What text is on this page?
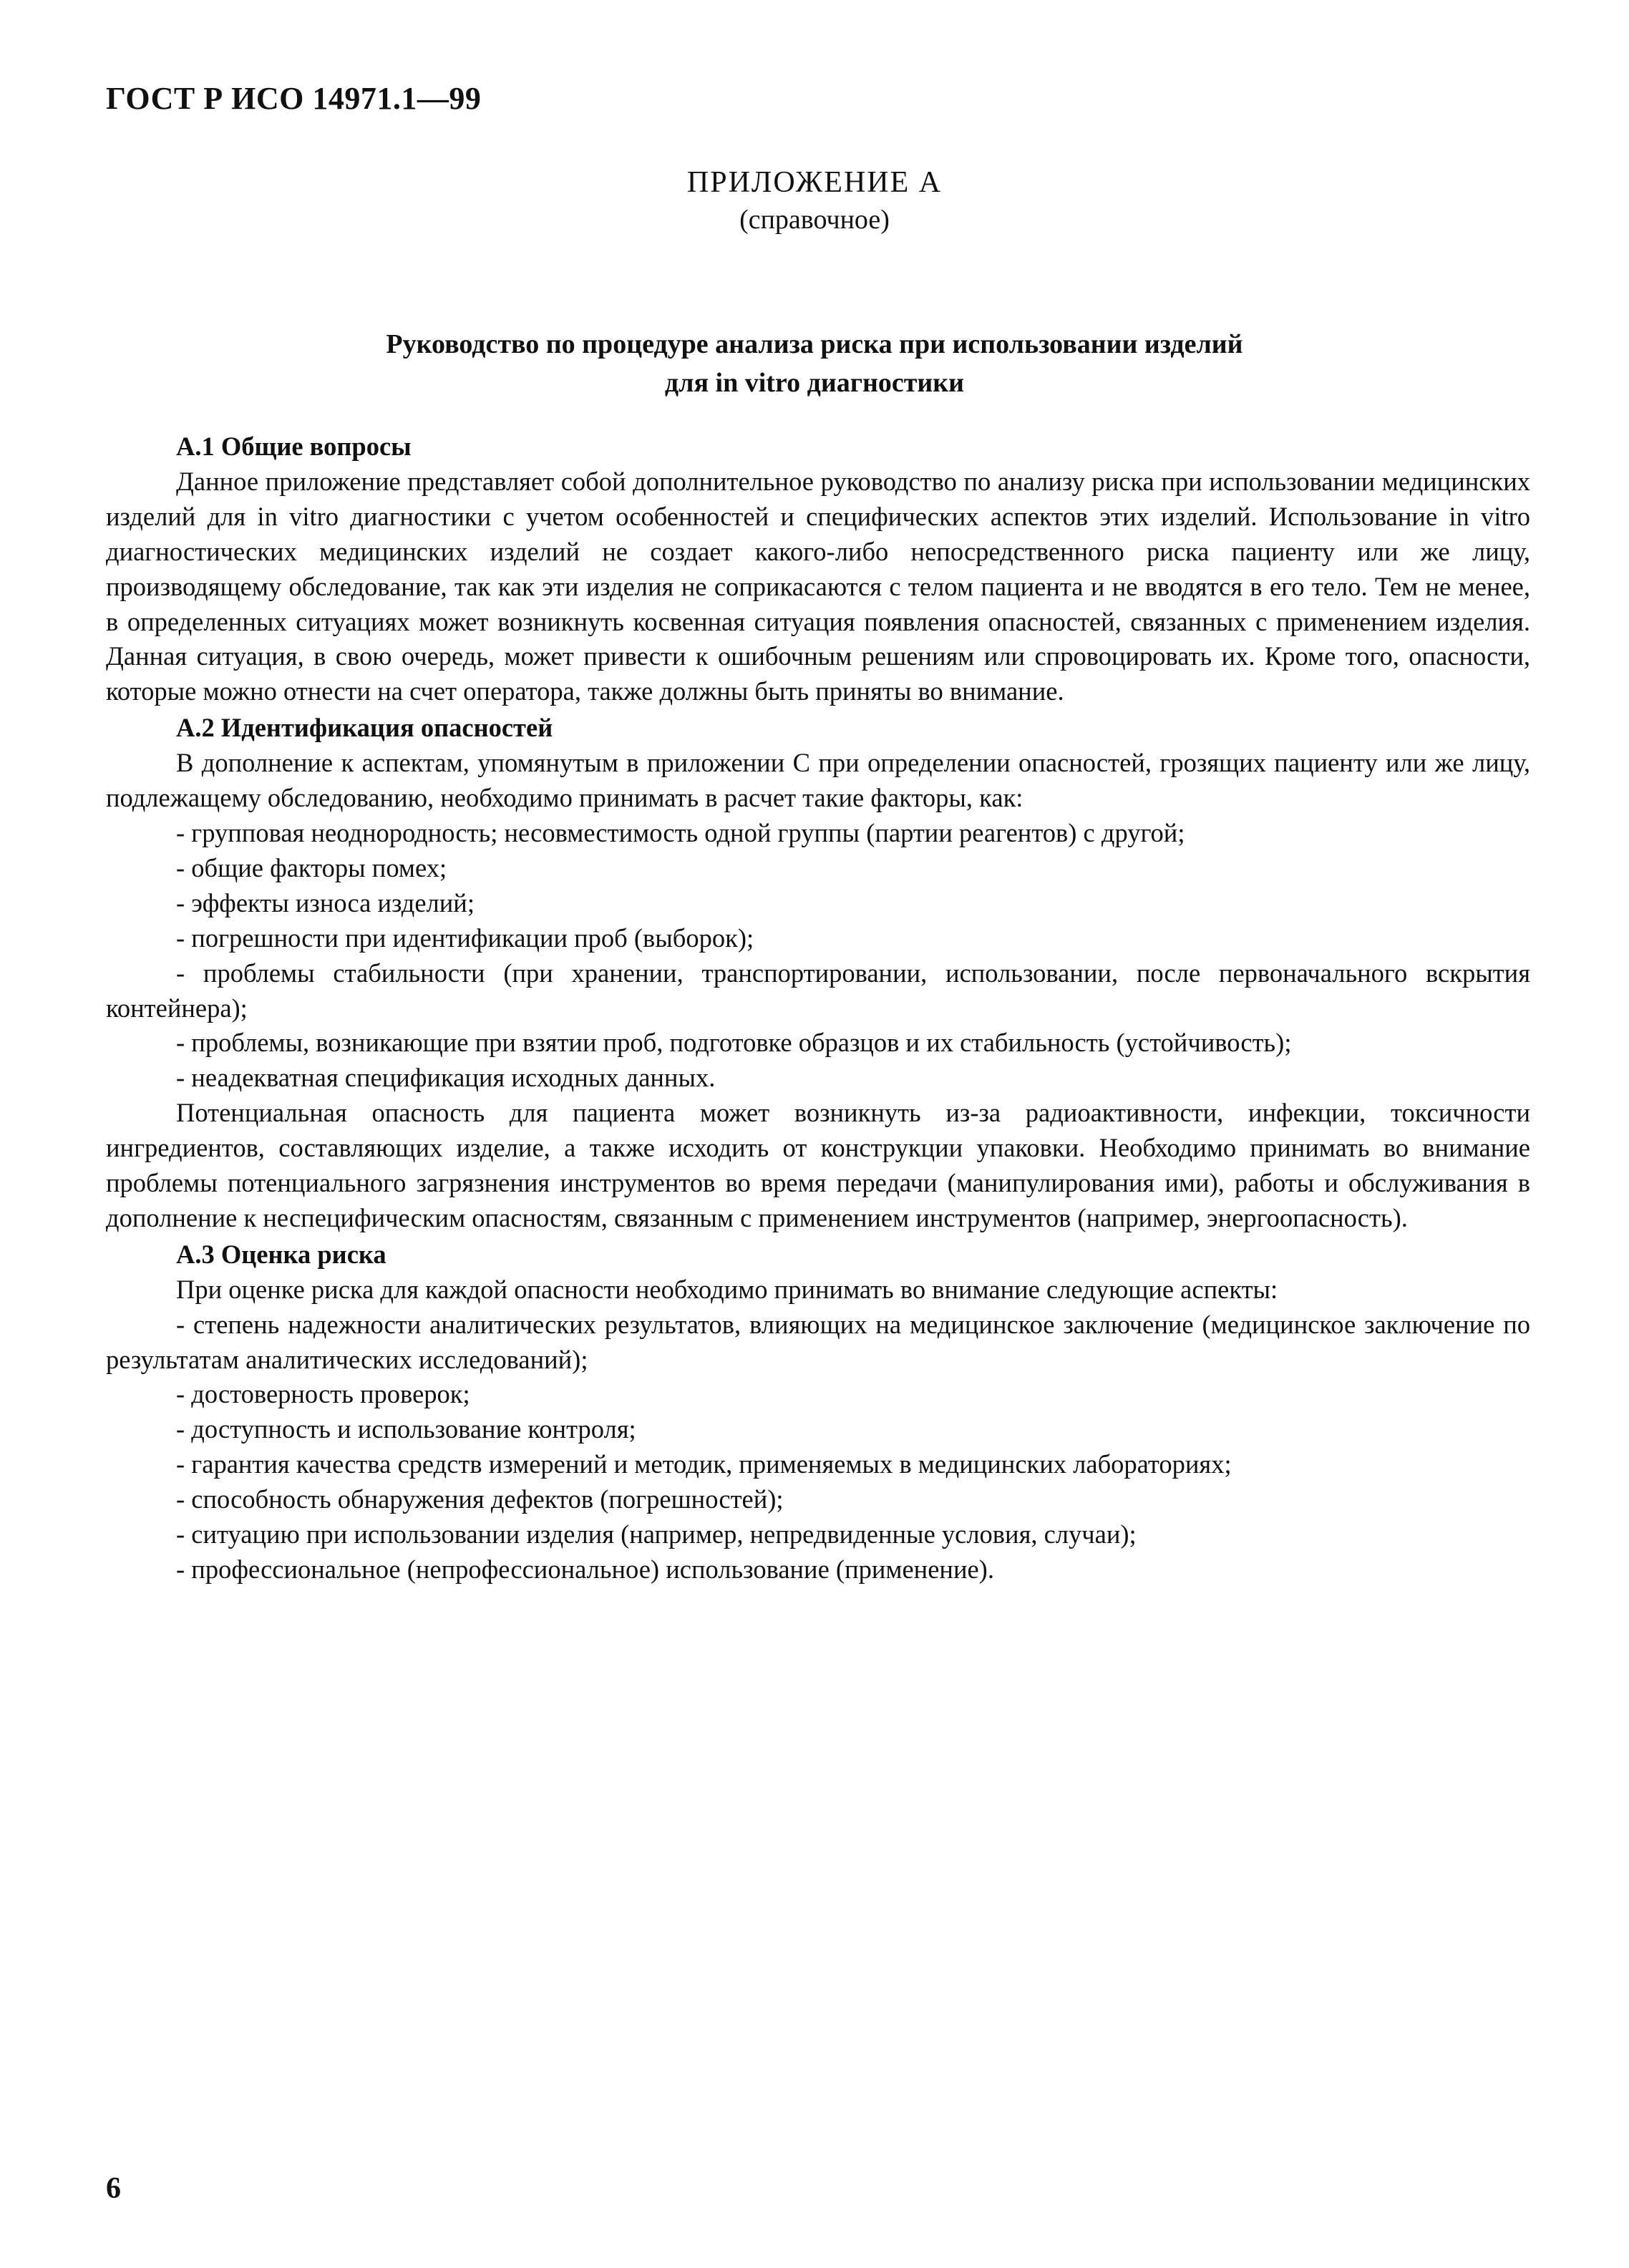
ГОСТ Р ИСО 14971.1—99
ПРИЛОЖЕНИЕ А
(справочное)
Руководство по процедуре анализа риска при использовании изделий
для in vitro диагностики

А.1 Общие вопросы

Данное приложение представляет собой дополнительное руководство по анализу риска при использовании медицинских изделий для in vitro диагностики с учетом особенностей и специфических аспектов этих изделий. Использование in vitro диагностических медицинских изделий не создает какого-либо непосредственного риска пациенту или же лицу, производящему обследование, так как эти изделия не соприкасаются с телом пациента и не вводятся в его тело. Тем не менее, в определенных ситуациях может возникнуть косвенная ситуация появления опасностей, связанных с применением изделия. Данная ситуация, в свою очередь, может привести к ошибочным решениям или спровоцировать их. Кроме того, опасности, которые можно отнести на счет оператора, также должны быть приняты во внимание.

А.2 Идентификация опасностей

В дополнение к аспектам, упомянутым в приложении С при определении опасностей, грозящих пациенту или же лицу, подлежащему обследованию, необходимо принимать в расчет такие факторы, как:

- групповая неоднородность; несовместимость одной группы (партии реагентов) с другой;

- общие факторы помех;

- эффекты износа изделий;

- погрешности при идентификации проб (выборок);

- проблемы стабильности (при хранении, транспортировании, использовании, после первоначального вскрытия контейнера);

- проблемы, возникающие при взятии проб, подготовке образцов и их стабильность (устойчивость);

- неадекватная спецификация исходных данных.

Потенциальная опасность для пациента может возникнуть из-за радиоактивности, инфекции, токсичности ингредиентов, составляющих изделие, а также исходить от конструкции упаковки. Необходимо принимать во внимание проблемы потенциального загрязнения инструментов во время передачи (манипулирования ими), работы и обслуживания в дополнение к неспецифическим опасностям, связанным с применением инструментов (например, энергоопасность).

А.3 Оценка риска

При оценке риска для каждой опасности необходимо принимать во внимание следующие аспекты:

- степень надежности аналитических результатов, влияющих на медицинское заключение (медицинское заключение по результатам аналитических исследований);

- достоверность проверок;

- доступность и использование контроля;

- гарантия качества средств измерений и методик, применяемых в медицинских лабораториях;

- способность обнаружения дефектов (погрешностей);

- ситуацию при использовании изделия (например, непредвиденные условия, случаи);

- профессиональное (непрофессиональное) использование (применение).

6
